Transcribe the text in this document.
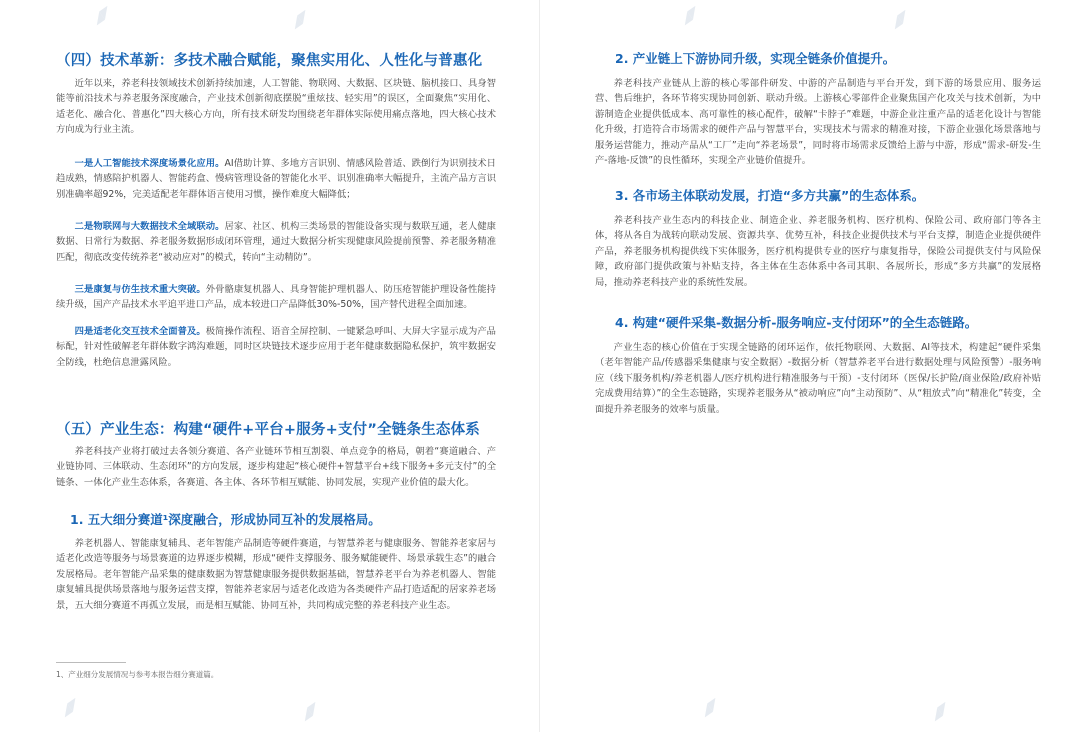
（四）技术革新：多技术融合赋能，聚焦实用化、人性化与普惠化

近年以来，养老科技领域技术创新持续加速，人工智能、物联网、大数据、区块链、脑机接口、具身智能等前沿技术与养老服务深度融合，产业技术创新彻底摆脱“重炫技、轻实用”的误区，全面聚焦“实用化、适老化、融合化、普惠化”四大核心方向，所有技术研发均围绕老年群体实际使用痛点落地，四大核心技术方向成为行业主流。

一是人工智能技术深度场景化应用。AI借助计算、多地方言识别、情感风险普适、跌倒行为识别技术日趋成熟，情感陪护机器人、智能药盒、慢病管理设备的智能化水平、识别准确率大幅提升，主流产品方言识别准确率超92%，完美适配老年群体语言使用习惯，操作难度大幅降低；

二是物联网与大数据技术全域联动。居家、社区、机构三类场景的智能设备实现与数联互通，老人健康数据、日常行为数据、养老服务数据形成闭环管理，通过大数据分析实现健康风险提前预警、养老服务精准匹配，彻底改变传统养老“被动应对”的模式，转向“主动精防”。

三是康复与仿生技术重大突破。外骨骼康复机器人、具身智能护理机器人、防压疮智能护理设备性能持续升级，国产产品技术水平追平进口产品，成本较进口产品降低30%-50%，国产替代进程全面加速。

四是适老化交互技术全面普及。极简操作流程、语音全屏控制、一键紧急呼叫、大屏大字显示成为产品标配，针对性破解老年群体数字鸿沟难题，同时区块链技术逐步应用于老年健康数据隐私保护，筑牢数据安全防线，杜绝信息泄露风险。

（五）产业生态：构建“硬件+平台+服务+支付”全链条生态体系

养老科技产业将打破过去各领分赛道、各产业链环节相互割裂、单点竞争的格局，朝着“赛道融合、产业链协同、三体联动、生态闭环”的方向发展，逐步构建起“核心硬件+智慧平台+线下服务+多元支付”的全链条、一体化产业生态体系，各赛道、各主体、各环节相互赋能、协同发展，实现产业价值的最大化。

1. 五大细分赛道¹深度融合，形成协同互补的发展格局。

养老机器人、智能康复辅具、老年智能产品制造等硬件赛道，与智慧养老与健康服务、智能养老家居与适老化改造等服务与场景赛道的边界逐步模糊，形成“硬件支撑服务、服务赋能硬件、场景承载生态”的融合发展格局。老年智能产品采集的健康数据为智慧健康服务提供数据基础，智慧养老平台为养老机器人、智能康复辅具提供场景落地与服务运营支撑，智能养老家居与适老化改造为各类硬件产品打造适配的居家养老场景，五大细分赛道不再孤立发展，而是相互赋能、协同互补，共同构成完整的养老科技产业生态。

1、产业细分发展情况与参考本报告细分赛道篇。
2. 产业链上下游协同升级，实现全链条价值提升。

养老科技产业链从上游的核心零部件研发、中游的产品制造与平台开发，到下游的场景应用、服务运营、售后维护，各环节将实现协同创新、联动升级。上游核心零部件企业聚焦国产化攻关与技术创新，为中游制造企业提供低成本、高可靠性的核心配件，破解“卡脖子”难题，中游企业注重产品的适老化设计与智能化升级，打造符合市场需求的硬件产品与智慧平台，实现技术与需求的精准对接，下游企业强化场景落地与服务运营能力，推动产品从“工厂”走向“养老场景”，同时将市场需求反馈给上游与中游，形成“需求-研发-生产-落地-反馈”的良性循环，实现全产业链价值提升。

3. 各市场主体联动发展，打造“多方共赢”的生态体系。

养老科技产业生态内的科技企业、制造企业、养老服务机构、医疗机构、保险公司、政府部门等各主体，将从各自为战转向联动发展、资源共享、优势互补，科技企业提供技术与平台支撑，制造企业提供硬件产品，养老服务机构提供线下实体服务，医疗机构提供专业的医疗与康复指导，保险公司提供支付与风险保障，政府部门提供政策与补贴支持，各主体在生态体系中各司其职、各展所长，形成“多方共赢”的发展格局，推动养老科技产业的系统性发展。

4. 构建“硬件采集-数据分析-服务响应-支付闭环”的全生态链路。

产业生态的核心价值在于实现全链路的闭环运作，依托物联网、大数据、AI等技术，构建起“硬件采集（老年智能产品/传感器采集健康与安全数据）-数据分析（智慧养老平台进行数据处理与风险预警）-服务响应（线下服务机构/养老机器人/医疗机构进行精准服务与干预）-支付闭环（医保/长护险/商业保险/政府补贴完成费用结算）”的全生态链路，实现养老服务从“被动响应”向“主动预防”、从“粗放式”向“精准化”转变，全面提升养老服务的效率与质量。

◢◤	◢◤	◢◤	◢◤
◢◤	◢◤	◢◤	◢◤
